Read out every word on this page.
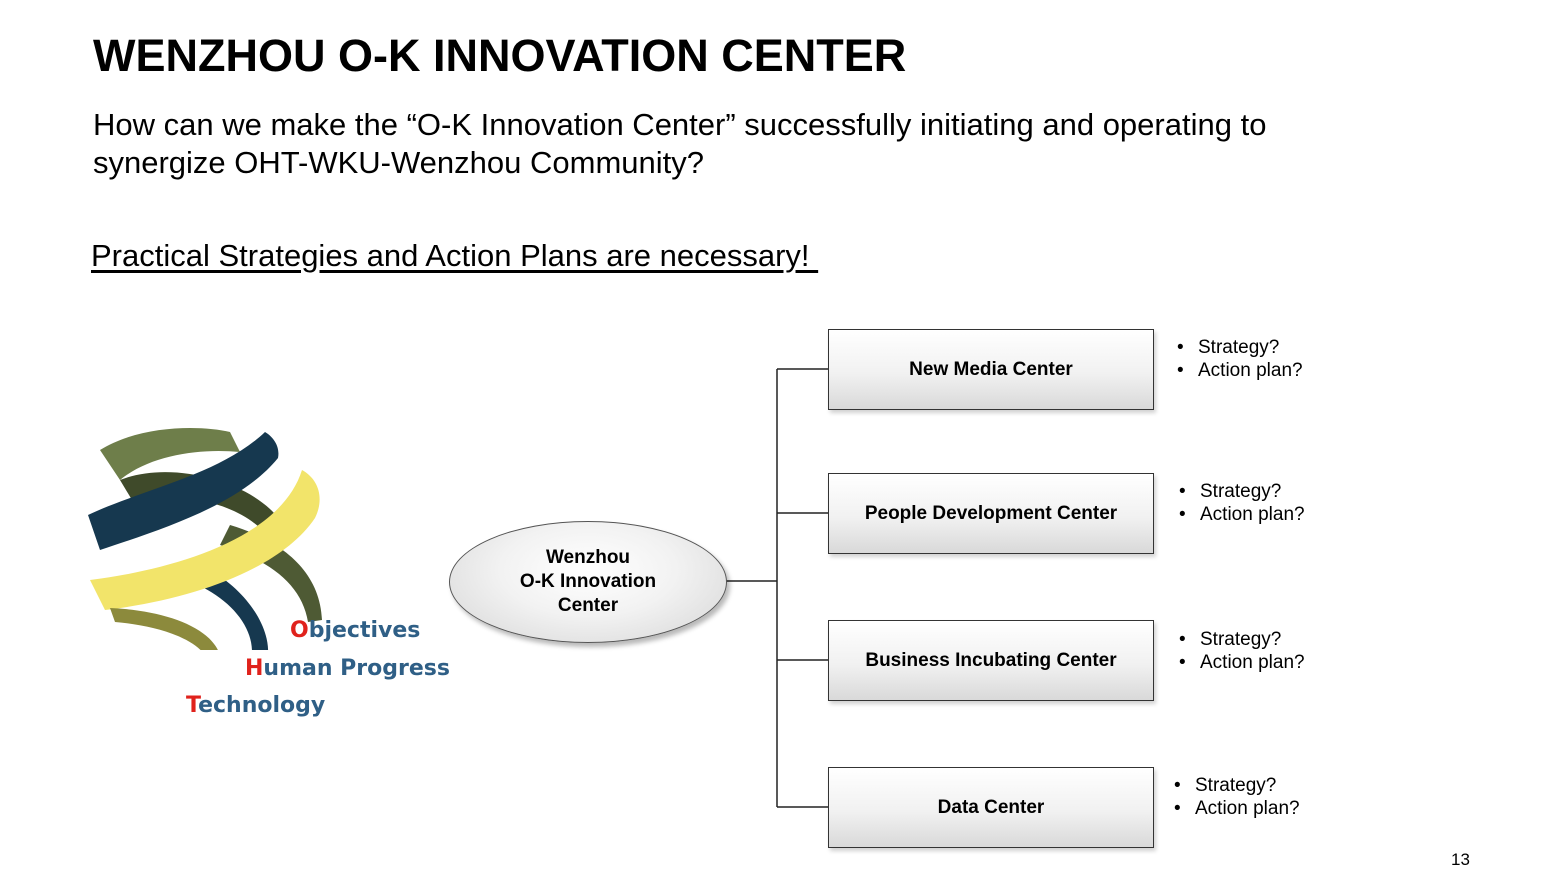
WENZHOU O-K INNOVATION CENTER

How can we make the “O-K Innovation Center” successfully initiating and operating to synergize OHT-WKU-Wenzhou Community?

Practical Strategies and Action Plans are necessary!

Objectives
Human Progress
Technology
Wenzhou
O-K Innovation
Center
New Media Center
People Development Center
Business Incubating Center
Data Center
• Strategy?
• Action plan?
• Strategy?
• Action plan?
• Strategy?
• Action plan?
• Strategy?
• Action plan?
13
